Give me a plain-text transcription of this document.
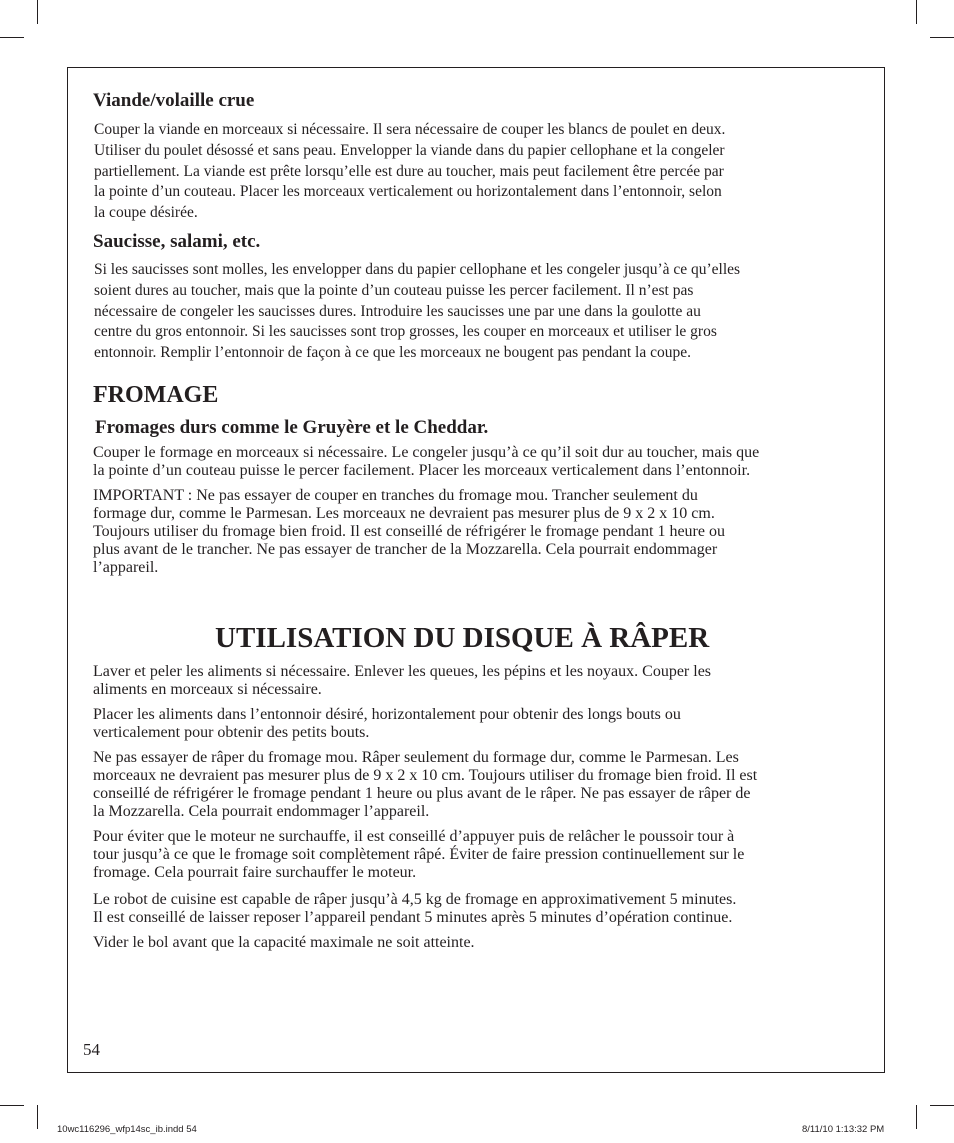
Viande/volaille crue
Couper la viande en morceaux si nécessaire. Il sera nécessaire de couper les blancs de poulet en deux.
Utiliser du poulet désossé et sans peau. Envelopper la viande dans du papier cellophane et la congeler
partiellement. La viande est prête lorsqu’elle est dure au toucher, mais peut facilement être percée par
la pointe d’un couteau. Placer les morceaux verticalement ou horizontalement dans l’entonnoir, selon
la coupe désirée.
Saucisse, salami, etc.
Si les saucisses sont molles, les envelopper dans du papier cellophane et les congeler jusqu’à ce qu’elles
soient dures au toucher, mais que la pointe d’un couteau puisse les percer facilement. Il n’est pas
nécessaire de congeler les saucisses dures. Introduire les saucisses une par une dans la goulotte au
centre du gros entonnoir. Si les saucisses sont trop grosses, les couper en morceaux et utiliser le gros
entonnoir. Remplir l’entonnoir de façon à ce que les morceaux ne bougent pas pendant la coupe.
FROMAGE
Fromages durs comme le Gruyère et le Cheddar.
Couper le formage en morceaux si nécessaire. Le congeler jusqu’à ce qu’il soit dur au toucher, mais que
la pointe d’un couteau puisse le percer facilement. Placer les morceaux verticalement dans l’entonnoir.
IMPORTANT : Ne pas essayer de couper en tranches du fromage mou. Trancher seulement du
formage dur, comme le Parmesan. Les morceaux ne devraient pas mesurer plus de 9 x 2 x 10 cm.
Toujours utiliser du fromage bien froid. Il est conseillé de réfrigérer le fromage pendant 1 heure ou
plus avant de le trancher. Ne pas essayer de trancher de la Mozzarella. Cela pourrait endommager
l’appareil.
UTILISATION DU DISQUE À RÂPER
Laver et peler les aliments si nécessaire. Enlever les queues, les pépins et les noyaux. Couper les
aliments en morceaux si nécessaire.
Placer les aliments dans l’entonnoir désiré, horizontalement pour obtenir des longs bouts ou
verticalement pour obtenir des petits bouts.
Ne pas essayer de râper du fromage mou. Râper seulement du formage dur, comme le Parmesan. Les
morceaux ne devraient pas mesurer plus de 9 x 2 x 10 cm. Toujours utiliser du fromage bien froid. Il est
conseillé de réfrigérer le fromage pendant 1 heure ou plus avant de le râper. Ne pas essayer de râper de
la Mozzarella. Cela pourrait endommager l’appareil.
Pour éviter que le moteur ne surchauffe, il est conseillé d’appuyer puis de relâcher le poussoir tour à
tour jusqu’à ce que le fromage soit complètement râpé. Éviter de faire pression continuellement sur le
fromage. Cela pourrait faire surchauffer le moteur.
Le robot de cuisine est capable de râper jusqu’à 4,5 kg de fromage en approximativement 5 minutes.
Il est conseillé de laisser reposer l’appareil pendant 5 minutes après 5 minutes d’opération continue.
Vider le bol avant que la capacité maximale ne soit atteinte.
54
10wc116296_wfp14sc_ib.indd 54	8/11/10 1:13:32 PM
